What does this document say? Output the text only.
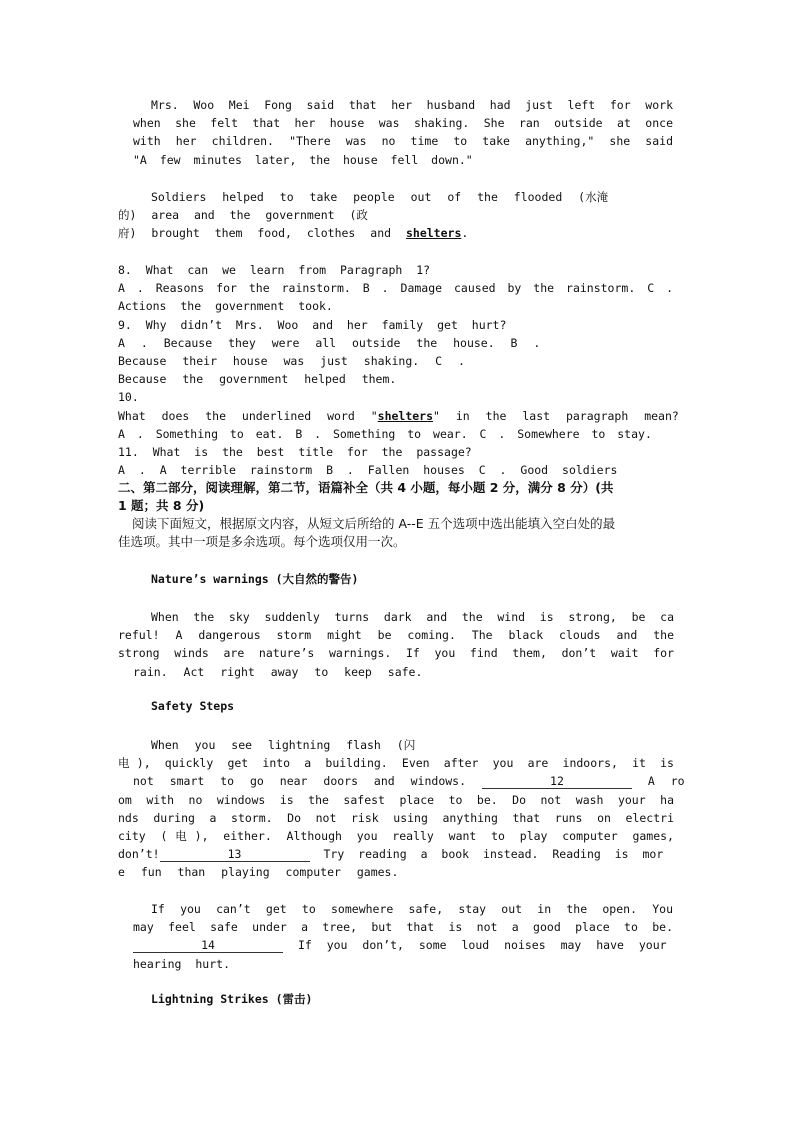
Mrs. Woo Mei Fong said that her husband had just left for work
when she felt that her house was shaking. She ran outside at once
with her children. "There was no time to take anything," she said
"A few minutes later, the house fell down."
Soldiers helped to take people out of the flooded (水淹
的) area and the government (政
府) brought them food, clothes and shelters.
8. What can we learn from Paragraph 1?
A . Reasons for the rainstorm. B . Damage caused by the rainstorm. C .
Actions the government took.
9. Why didn’t Mrs. Woo and her family get hurt?
A . Because they were all outside the house. B .
Because their house was just shaking. C .
Because the government helped them.
10.
What does the underlined word "shelters" in the last paragraph mean?
A . Something to eat. B . Something to wear. C . Somewhere to stay.
11. What is the best title for the passage?
A . A terrible rainstorm B . Fallen houses C . Good soldiers
二、第二部分，阅读理解，第二节，语篇补全（共 4 小题，每小题 2 分，满分 8 分）(共
1 题；共 8 分)
阅读下面短文，根据原文内容，从短文后所给的 A--E 五个选项中选出能填入空白处的最
佳选项。其中一项是多余选项。每个选项仅用一次。
Nature’s warnings (大自然的警告)
When the sky suddenly turns dark and the wind is strong, be ca
reful! A dangerous storm might be coming. The black clouds and the
strong winds are nature’s warnings. If you find them, don’t wait for
rain. Act right away to keep safe.
Safety Steps
When you see lightning flash (闪
电), quickly get into a building. Even after you are indoors, it is
not smart to go near doors and windows.	12	A ro
om with no windows is the safest place to be. Do not wash your ha
nds during a storm. Do not risk using anything that runs on electri
city (电), either. Although you really want to play computer games,
don’t!	13	Try reading a book instead. Reading is mor
e fun than playing computer games.
If you can’t get to somewhere safe, stay out in the open. You
may feel safe under a tree, but that is not a good place to be.
14	If you don’t, some loud noises may have your
hearing hurt.
Lightning Strikes (雷击)
